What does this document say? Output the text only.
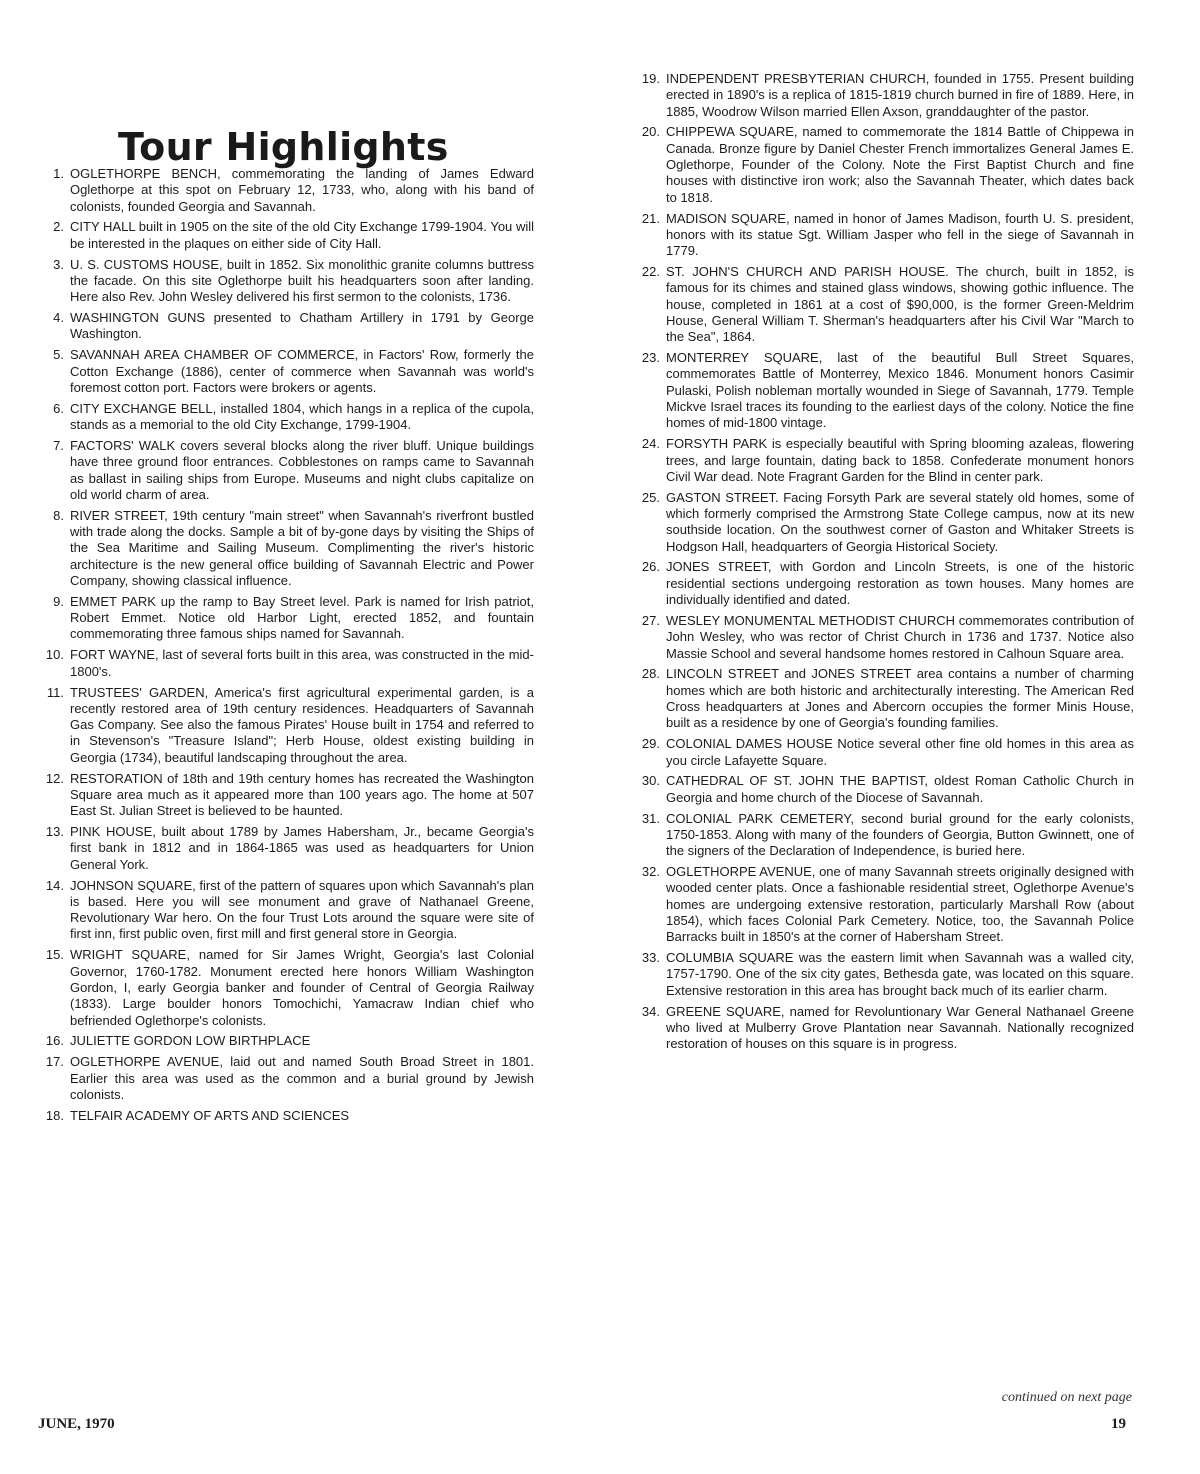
Tour Highlights
1. OGLETHORPE BENCH, commemorating the landing of James Edward Oglethorpe at this spot on February 12, 1733, who, along with his band of colonists, founded Georgia and Savannah.
2. CITY HALL built in 1905 on the site of the old City Exchange 1799-1904. You will be interested in the plaques on either side of City Hall.
3. U. S. CUSTOMS HOUSE, built in 1852. Six monolithic granite columns buttress the facade. On this site Oglethorpe built his headquarters soon after landing. Here also Rev. John Wesley delivered his first sermon to the colonists, 1736.
4. WASHINGTON GUNS presented to Chatham Artillery in 1791 by George Washington.
5. SAVANNAH AREA CHAMBER OF COMMERCE, in Factors' Row, formerly the Cotton Exchange (1886), center of commerce when Savannah was world's foremost cotton port. Factors were brokers or agents.
6. CITY EXCHANGE BELL, installed 1804, which hangs in a replica of the cupola, stands as a memorial to the old City Exchange, 1799-1904.
7. FACTORS' WALK covers several blocks along the river bluff. Unique buildings have three ground floor entrances. Cobblestones on ramps came to Savannah as ballast in sailing ships from Europe. Museums and night clubs capitalize on old world charm of area.
8. RIVER STREET, 19th century "main street" when Savannah's riverfront bustled with trade along the docks. Sample a bit of by-gone days by visiting the Ships of the Sea Maritime and Sailing Museum. Complimenting the river's historic architecture is the new general office building of Savannah Electric and Power Company, showing classical influence.
9. EMMET PARK up the ramp to Bay Street level. Park is named for Irish patriot, Robert Emmet. Notice old Harbor Light, erected 1852, and fountain commemorating three famous ships named for Savannah.
10. FORT WAYNE, last of several forts built in this area, was constructed in the mid-1800's.
11. TRUSTEES' GARDEN, America's first agricultural experimental garden, is a recently restored area of 19th century residences. Headquarters of Savannah Gas Company. See also the famous Pirates' House built in 1754 and referred to in Stevenson's "Treasure Island"; Herb House, oldest existing building in Georgia (1734), beautiful landscaping throughout the area.
12. RESTORATION of 18th and 19th century homes has recreated the Washington Square area much as it appeared more than 100 years ago. The home at 507 East St. Julian Street is believed to be haunted.
13. PINK HOUSE, built about 1789 by James Habersham, Jr., became Georgia's first bank in 1812 and in 1864-1865 was used as headquarters for Union General York.
14. JOHNSON SQUARE, first of the pattern of squares upon which Savannah's plan is based. Here you will see monument and grave of Nathanael Greene, Revolutionary War hero. On the four Trust Lots around the square were site of first inn, first public oven, first mill and first general store in Georgia.
15. WRIGHT SQUARE, named for Sir James Wright, Georgia's last Colonial Governor, 1760-1782. Monument erected here honors William Washington Gordon, I, early Georgia banker and founder of Central of Georgia Railway (1833). Large boulder honors Tomochichi, Yamacraw Indian chief who befriended Oglethorpe's colonists.
16. JULIETTE GORDON LOW BIRTHPLACE
17. OGLETHORPE AVENUE, laid out and named South Broad Street in 1801. Earlier this area was used as the common and a burial ground by Jewish colonists.
18. TELFAIR ACADEMY OF ARTS AND SCIENCES
19. INDEPENDENT PRESBYTERIAN CHURCH, founded in 1755. Present building erected in 1890's is a replica of 1815-1819 church burned in fire of 1889. Here, in 1885, Woodrow Wilson married Ellen Axson, granddaughter of the pastor.
20. CHIPPEWA SQUARE, named to commemorate the 1814 Battle of Chippewa in Canada. Bronze figure by Daniel Chester French immortalizes General James E. Oglethorpe, Founder of the Colony. Note the First Baptist Church and fine houses with distinctive iron work; also the Savannah Theater, which dates back to 1818.
21. MADISON SQUARE, named in honor of James Madison, fourth U. S. president, honors with its statue Sgt. William Jasper who fell in the siege of Savannah in 1779.
22. ST. JOHN'S CHURCH AND PARISH HOUSE. The church, built in 1852, is famous for its chimes and stained glass windows, showing gothic influence. The house, completed in 1861 at a cost of $90,000, is the former Green-Meldrim House, General William T. Sherman's headquarters after his Civil War "March to the Sea", 1864.
23. MONTERREY SQUARE, last of the beautiful Bull Street Squares, commemorates Battle of Monterrey, Mexico 1846. Monument honors Casimir Pulaski, Polish nobleman mortally wounded in Siege of Savannah, 1779. Temple Mickve Israel traces its founding to the earliest days of the colony. Notice the fine homes of mid-1800 vintage.
24. FORSYTH PARK is especially beautiful with Spring blooming azaleas, flowering trees, and large fountain, dating back to 1858. Confederate monument honors Civil War dead. Note Fragrant Garden for the Blind in center park.
25. GASTON STREET. Facing Forsyth Park are several stately old homes, some of which formerly comprised the Armstrong State College campus, now at its new southside location. On the southwest corner of Gaston and Whitaker Streets is Hodgson Hall, headquarters of Georgia Historical Society.
26. JONES STREET, with Gordon and Lincoln Streets, is one of the historic residential sections undergoing restoration as town houses. Many homes are individually identified and dated.
27. WESLEY MONUMENTAL METHODIST CHURCH commemorates contribution of John Wesley, who was rector of Christ Church in 1736 and 1737. Notice also Massie School and several handsome homes restored in Calhoun Square area.
28. LINCOLN STREET and JONES STREET area contains a number of charming homes which are both historic and architecturally interesting. The American Red Cross headquarters at Jones and Abercorn occupies the former Minis House, built as a residence by one of Georgia's founding families.
29. COLONIAL DAMES HOUSE Notice several other fine old homes in this area as you circle Lafayette Square.
30. CATHEDRAL OF ST. JOHN THE BAPTIST, oldest Roman Catholic Church in Georgia and home church of the Diocese of Savannah.
31. COLONIAL PARK CEMETERY, second burial ground for the early colonists, 1750-1853. Along with many of the founders of Georgia, Button Gwinnett, one of the signers of the Declaration of Independence, is buried here.
32. OGLETHORPE AVENUE, one of many Savannah streets originally designed with wooded center plats. Once a fashionable residential street, Oglethorpe Avenue's homes are undergoing extensive restoration, particularly Marshall Row (about 1854), which faces Colonial Park Cemetery. Notice, too, the Savannah Police Barracks built in 1850's at the corner of Habersham Street.
33. COLUMBIA SQUARE was the eastern limit when Savannah was a walled city, 1757-1790. One of the six city gates, Bethesda gate, was located on this square. Extensive restoration in this area has brought back much of its earlier charm.
34. GREENE SQUARE, named for Revoluntionary War General Nathanael Greene who lived at Mulberry Grove Plantation near Savannah. Nationally recognized restoration of houses on this square is in progress.
continued on next page
JUNE, 1970	19
